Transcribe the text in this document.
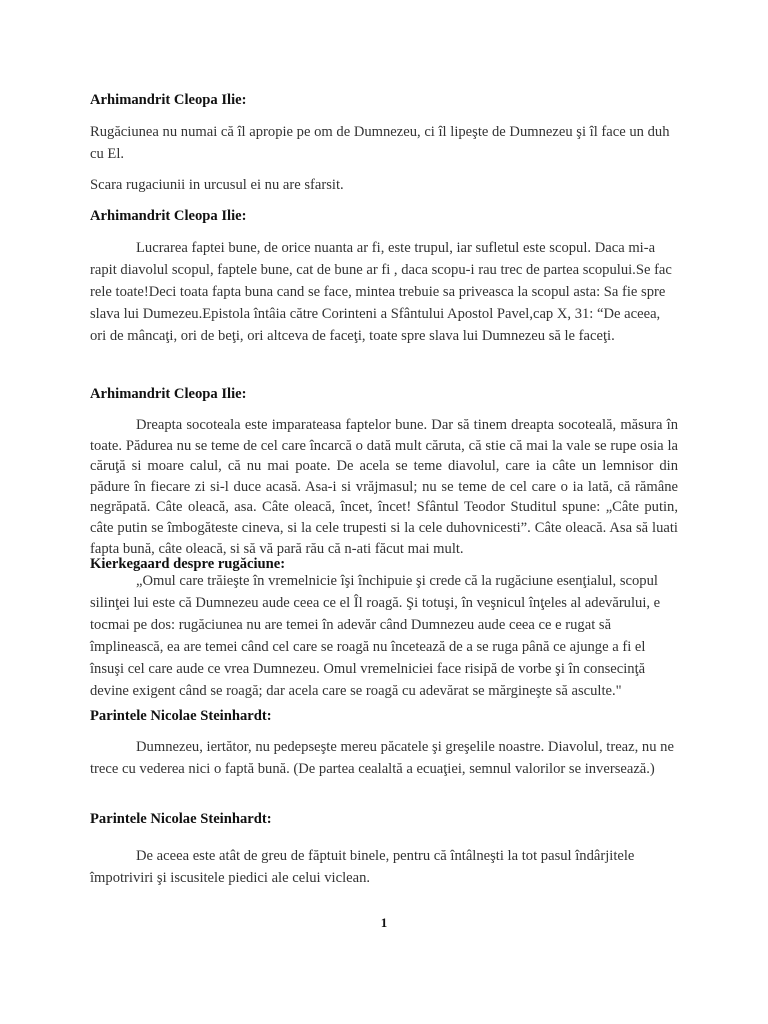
Arhimandrit Cleopa Ilie:

Rugăciunea nu numai că îl apropie pe om de Dumnezeu, ci îl lipeşte de Dumnezeu şi îl face un duh cu El.

Scara rugaciunii in urcusul ei nu are sfarsit.

Arhimandrit Cleopa Ilie:

Lucrarea faptei bune, de orice nuanta ar fi, este trupul, iar sufletul este scopul. Daca mi-a rapit diavolul scopul, faptele bune, cat de bune ar fi , daca scopu-i rau trec de partea scopului.Se fac rele toate!Deci toata fapta buna cand se face, mintea trebuie sa priveasca la scopul asta: Sa fie spre slava lui Dumezeu.Epistola întâia către Corinteni a Sfântului Apostol Pavel,cap X, 31: “De aceea, ori de mâncaţi, ori de beţi, ori altceva de faceţi, toate spre slava lui Dumnezeu să le faceţi.

Arhimandrit Cleopa Ilie:

Dreapta socoteala este imparateasa faptelor bune. Dar să tinem dreapta socoteală, măsura în toate. Pădurea nu se teme de cel care încarcă o dată mult căruta, că stie că mai la vale se rupe osia la căruţă si moare calul, că nu mai poate. De acela se teme diavolul, care ia câte un lemnisor din pădure în fiecare zi si-l duce acasă. Asa-i si vrăjmasul; nu se teme de cel care o ia lată, că rămâne negrăpată. Câte oleacă, asa. Câte oleacă, încet, încet! Sfântul Teodor Studitul spune: „Câte putin, câte putin se îmbogăteste cineva, si la cele trupesti si la cele duhovnicesti”. Câte oleacă. Asa să luati fapta bună, câte oleacă, si să vă pară rău că n-ati făcut mai mult.

Kierkegaard despre rugăciune:

„Omul care trăieşte în vremelnicie îşi închipuie şi crede că la rugăciune esenţialul, scopul silinţei lui este că Dumnezeu aude ceea ce el Îl roagă. Şi totuşi, în veşnicul înţeles al adevărului, e tocmai pe dos: rugăciunea nu are temei în adevăr când Dumnezeu aude ceea ce e rugat să împlinească, ea are temei când cel care se roagă nu încetează de a se ruga până ce ajunge a fi el însuşi cel care aude ce vrea Dumnezeu. Omul vremelniciei face risipă de vorbe şi în consecinţă devine exigent când se roagă; dar acela care se roagă cu adevărat se mărgineşte să asculte."

Parintele Nicolae Steinhardt:

Dumnezeu, iertător, nu pedepseşte mereu păcatele şi greşelile noastre. Diavolul, treaz, nu ne trece cu vederea nici o faptă bună. (De partea cealaltă a ecuaţiei, semnul valorilor se inversează.)

Parintele Nicolae Steinhardt:

De aceea este atât de greu de făptuit binele, pentru că întâlneşti la tot pasul îndârjitele împotriviri şi iscusitele piedici ale celui viclean.

1
